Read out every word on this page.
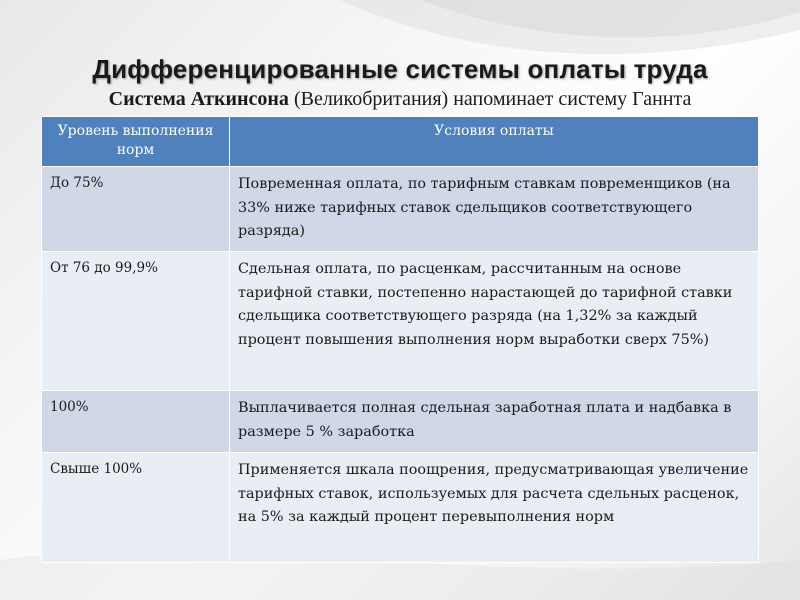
Дифференцированные системы оплаты труда
Система Аткинсона (Великобритания) напоминает систему Ганнта
Уровень выполнения норм	Условия оплаты
До 75%	Повременная оплата, по тарифным ставкам повременщиков (на 33% ниже тарифных ставок сдельщиков соответствующего разряда)
От 76 до 99,9%	Сдельная оплата, по расценкам, рассчитанным на основе тарифной ставки, постепенно нарастающей до тарифной ставки сдельщика соответствующего разряда (на 1,32% за каждый процент повышения выполнения норм выработки сверх 75%)
100%	Выплачивается полная сдельная заработная плата и надбавка в размере 5 % заработка
Свыше 100%	Применяется шкала поощрения, предусматривающая увеличение тарифных ставок, используемых для расчета сдельных расценок, на 5% за каждый процент перевыполнения норм
